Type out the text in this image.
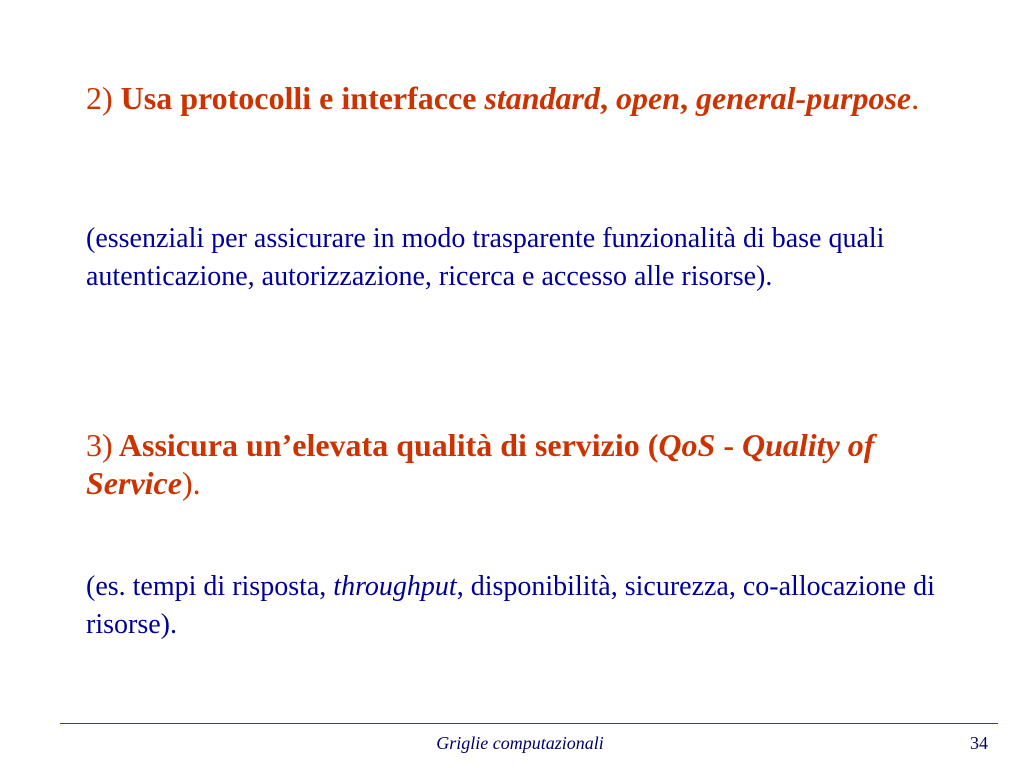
2) Usa protocolli e interfacce standard, open, general-purpose.

(essenziali per assicurare in modo trasparente funzionalità di base quali autenticazione, autorizzazione, ricerca e accesso alle risorse).

3) Assicura un’elevata qualità di servizio (QoS - Quality of Service).

(es. tempi di risposta, throughput, disponibilità, sicurezza, co-allocazione di risorse).

Griglie computazionali	34
